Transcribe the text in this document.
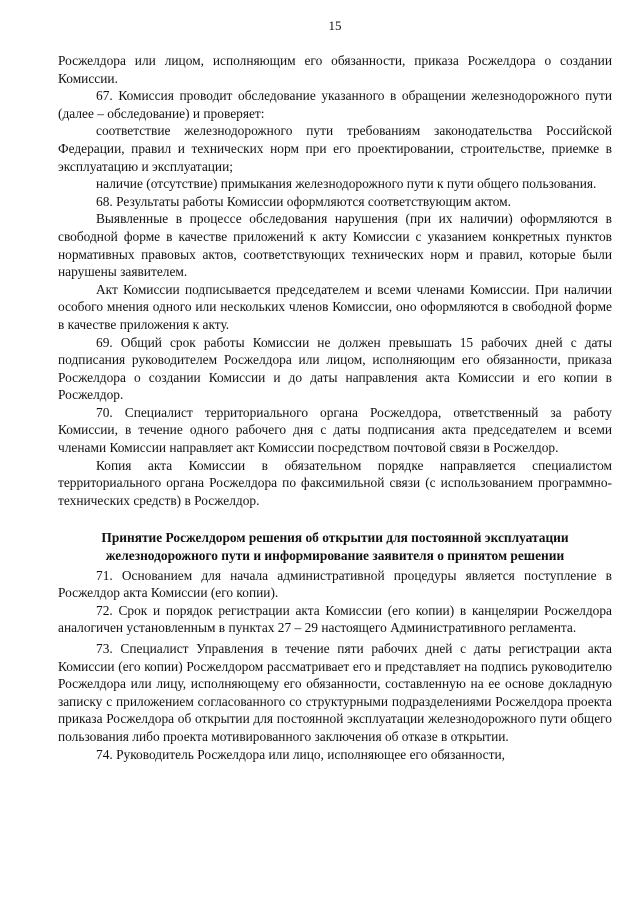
15

Росжелдора или лицом, исполняющим его обязанности, приказа Росжелдора о создании Комиссии.

67. Комиссия проводит обследование указанного в обращении железнодорожного пути (далее – обследование) и проверяет:

соответствие железнодорожного пути требованиям законодательства Российской Федерации, правил и технических норм при его проектировании, строительстве, приемке в эксплуатацию и эксплуатации;

наличие (отсутствие) примыкания железнодорожного пути к пути общего пользования.

68. Результаты работы Комиссии оформляются соответствующим актом.

Выявленные в процессе обследования нарушения (при их наличии) оформляются в свободной форме в качестве приложений к акту Комиссии с указанием конкретных пунктов нормативных правовых актов, соответствующих технических норм и правил, которые были нарушены заявителем.

Акт Комиссии подписывается председателем и всеми членами Комиссии. При наличии особого мнения одного или нескольких членов Комиссии, оно оформляются в свободной форме в качестве приложения к акту.

69. Общий срок работы Комиссии не должен превышать 15 рабочих дней с даты подписания руководителем Росжелдора или лицом, исполняющим его обязанности, приказа Росжелдора о создании Комиссии и до даты направления акта Комиссии и его копии в Росжелдор.

70. Специалист территориального органа Росжелдора, ответственный за работу Комиссии, в течение одного рабочего дня с даты подписания акта председателем и всеми членами Комиссии направляет акт Комиссии посредством почтовой связи в Росжелдор.

Копия акта Комиссии в обязательном порядке направляется специалистом территориального органа Росжелдора по факсимильной связи (с использованием программно-технических средств) в Росжелдор.

Принятие Росжелдором решения об открытии для постоянной эксплуатации железнодорожного пути и информирование заявителя о принятом решении

71. Основанием для начала административной процедуры является поступление в Росжелдор акта Комиссии (его копии).

72. Срок и порядок регистрации акта Комиссии (его копии) в канцелярии Росжелдора аналогичен установленным в пунктах 27 – 29 настоящего Административного регламента.

73. Специалист Управления в течение пяти рабочих дней с даты регистрации акта Комиссии (его копии) Росжелдором рассматривает его и представляет на подпись руководителю Росжелдора или лицу, исполняющему его обязанности, составленную на ее основе докладную записку с приложением согласованного со структурными подразделениями Росжелдора проекта приказа Росжелдора об открытии для постоянной эксплуатации железнодорожного пути общего пользования либо проекта мотивированного заключения об отказе в открытии.

74. Руководитель Росжелдора или лицо, исполняющее его обязанности,
